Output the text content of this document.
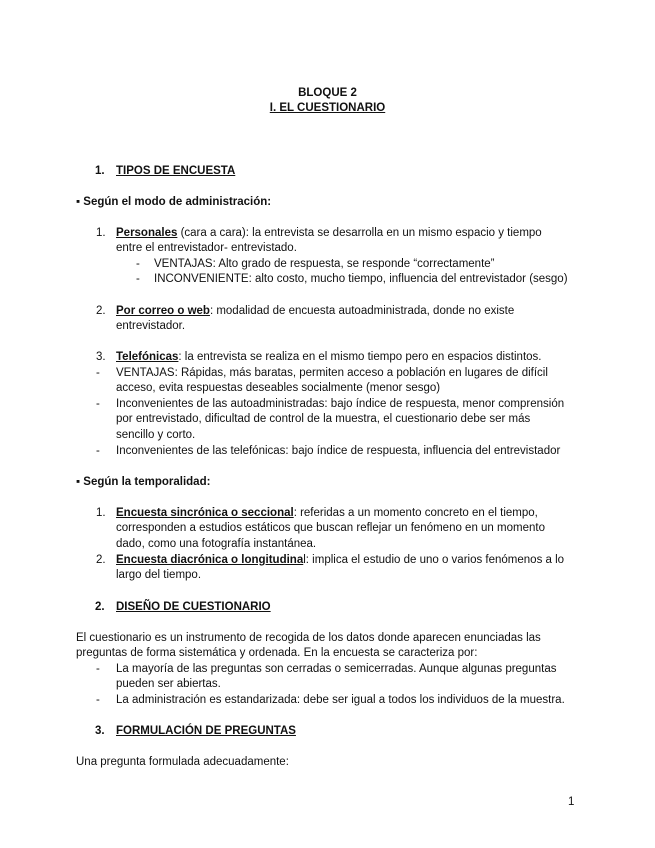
BLOQUE 2
I. EL CUESTIONARIO
1. TIPOS DE ENCUESTA
▪ Según el modo de administración:
1. Personales (cara a cara): la entrevista se desarrolla en un mismo espacio y tiempo
entre el entrevistador- entrevistado.
- VENTAJAS: Alto grado de respuesta, se responde “correctamente”
- INCONVENIENTE: alto costo, mucho tiempo, influencia del entrevistador (sesgo)
2. Por correo o web: modalidad de encuesta autoadministrada, donde no existe
entrevistador.
3. Telefónicas: la entrevista se realiza en el mismo tiempo pero en espacios distintos.
- VENTAJAS: Rápidas, más baratas, permiten acceso a población en lugares de difícil
acceso, evita respuestas deseables socialmente (menor sesgo)
- Inconvenientes de las autoadministradas: bajo índice de respuesta, menor comprensión
por entrevistado, dificultad de control de la muestra, el cuestionario debe ser más
sencillo y corto.
- Inconvenientes de las telefónicas: bajo índice de respuesta, influencia del entrevistador
▪ Según la temporalidad:
1. Encuesta sincrónica o seccional: referidas a un momento concreto en el tiempo,
corresponden a estudios estáticos que buscan reflejar un fenómeno en un momento
dado, como una fotografía instantánea.
2. Encuesta diacrónica o longitudinal: implica el estudio de uno o varios fenómenos a lo
largo del tiempo.
2. DISEÑO DE CUESTIONARIO
El cuestionario es un instrumento de recogida de los datos donde aparecen enunciadas las
preguntas de forma sistemática y ordenada. En la encuesta se caracteriza por:
- La mayoría de las preguntas son cerradas o semicerradas. Aunque algunas preguntas
pueden ser abiertas.
- La administración es estandarizada: debe ser igual a todos los individuos de la muestra.
3. FORMULACIÓN DE PREGUNTAS
Una pregunta formulada adecuadamente:
1
